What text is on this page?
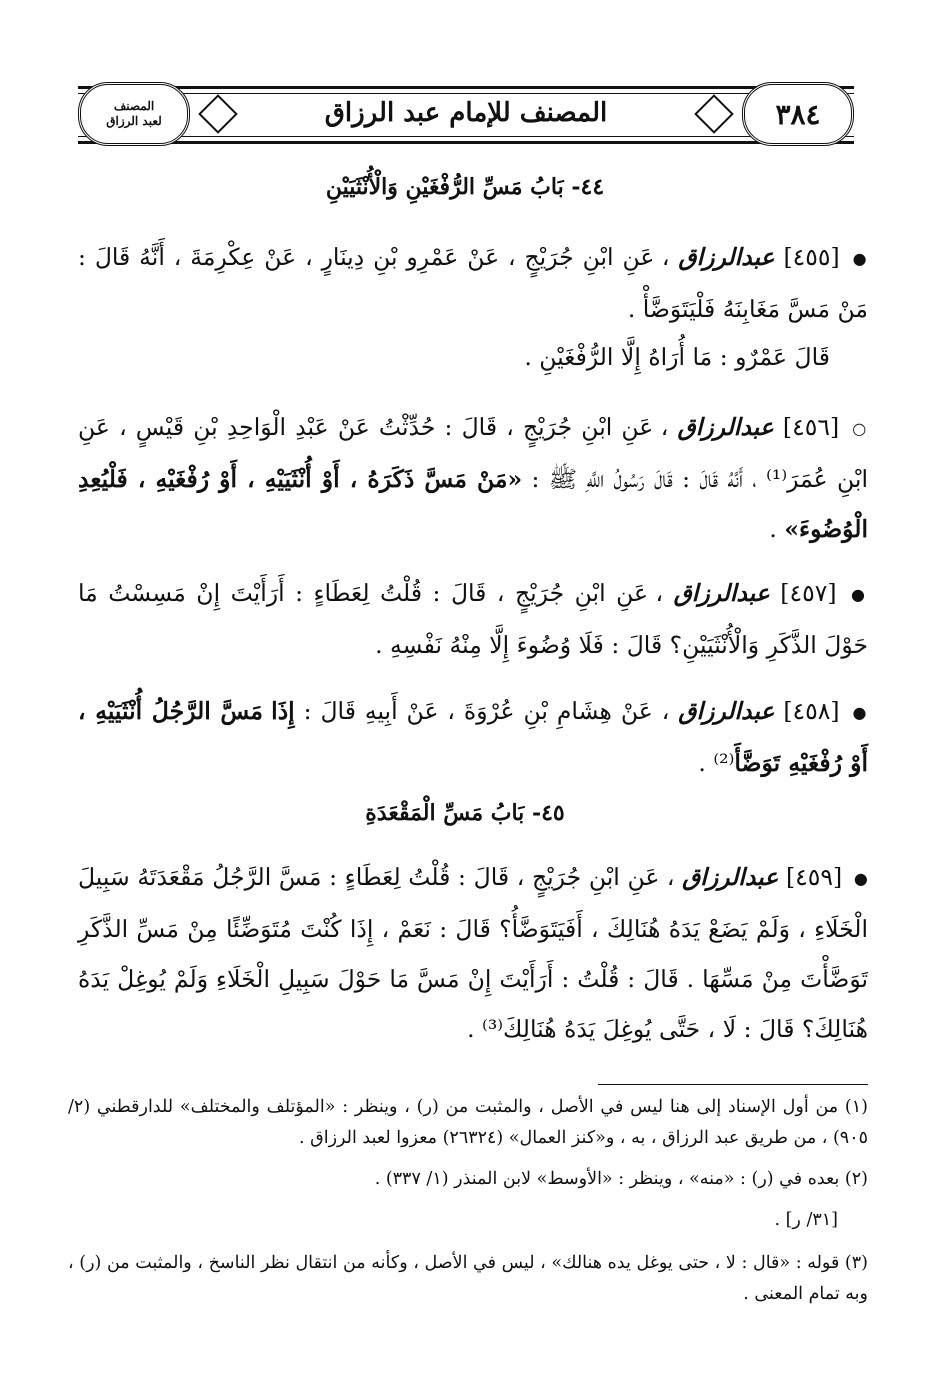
المصنف للإمام عبد الرزاق	٣٨٤
المصنف
لعبد الرزاق
٤٤- بَابُ مَسِّ الرُّفْغَيْنِ وَالْأُنْثَيَيْنِ
● [٤٥٥] عبدالرزاق ، عَنِ ابْنِ جُرَيْجٍ ، عَنْ عَمْرِو بْنِ دِينَارٍ ، عَنْ عِكْرِمَةَ ، أَنَّهُ قَالَ : مَنْ مَسَّ مَغَابِنَهُ فَلْيَتَوَضَّأْ .
قَالَ عَمْرٌو : مَا أُرَاهُ إِلَّا الرُّفْغَيْنِ .
○ [٤٥٦] عبدالرزاق ، عَنِ ابْنِ جُرَيْجٍ ، قَالَ : حُدِّثْتُ عَنْ عَبْدِ الْوَاحِدِ بْنِ قَيْسٍ ، عَنِ ابْنِ عُمَرَ⁽¹⁾ ، أَنَّهُ قَالَ : قَالَ رَسُولُ اللَّهِ ﷺ : «مَنْ مَسَّ ذَكَرَهُ ، أَوْ أُنْثَيَيْهِ ، أَوْ رُفْغَيْهِ ، فَلْيُعِدِ الْوُضُوءَ» .
● [٤٥٧] عبدالرزاق ، عَنِ ابْنِ جُرَيْجٍ ، قَالَ : قُلْتُ لِعَطَاءٍ : أَرَأَيْتَ إِنْ مَسِسْتُ مَا حَوْلَ الذَّكَرِ وَالْأُنْثَيَيْنِ؟ قَالَ : فَلَا وُضُوءَ إِلَّا مِنْهُ نَفْسِهِ .
● [٤٥٨] عبدالرزاق ، عَنْ هِشَامِ بْنِ عُرْوَةَ ، عَنْ أَبِيهِ قَالَ : إِذَا مَسَّ الرَّجُلُ أُنْثَيَيْهِ ، أَوْ رُفْغَيْهِ تَوَضَّأَ⁽²⁾ .
٤٥- بَابُ مَسِّ الْمَقْعَدَةِ
● [٤٥٩] عبدالرزاق ، عَنِ ابْنِ جُرَيْجٍ ، قَالَ : قُلْتُ لِعَطَاءٍ : مَسَّ الرَّجُلُ مَقْعَدَتَهُ سَبِيلَ الْخَلَاءِ ، وَلَمْ يَضَعْ يَدَهُ هُنَالِكَ ، أَفَيَتَوَضَّأُ؟ قَالَ : نَعَمْ ، إِذَا كُنْتَ مُتَوَضِّئًا مِنْ مَسِّ الذَّكَرِ تَوَضَّأْتَ مِنْ مَسِّهَا . قَالَ : قُلْتُ : أَرَأَيْتَ إِنْ مَسَّ مَا حَوْلَ سَبِيلِ الْخَلَاءِ وَلَمْ يُوغِلْ يَدَهُ هُنَالِكَ؟ قَالَ : لَا ، حَتَّى يُوغِلَ يَدَهُ هُنَالِكَ⁽³⁾ .

(١) من أول الإسناد إلى هنا ليس في الأصل ، والمثبت من (ر) ، وينظر : «المؤتلف والمختلف» للدارقطني (٢/ ٩٠٥) ، من طريق عبد الرزاق ، به ، و«كنز العمال» (٢٦٣٢٤) معزوا لعبد الرزاق .

(٢) بعده في (ر) : «منه» ، وينظر : «الأوسط» لابن المنذر (١/ ٣٣٧) .

[٣١/ ر] .

(٣) قوله : «قال : لا ، حتى يوغل يده هنالك» ، ليس في الأصل ، وكأنه من انتقال نظر الناسخ ، والمثبت من (ر) ، وبه تمام المعنى .
